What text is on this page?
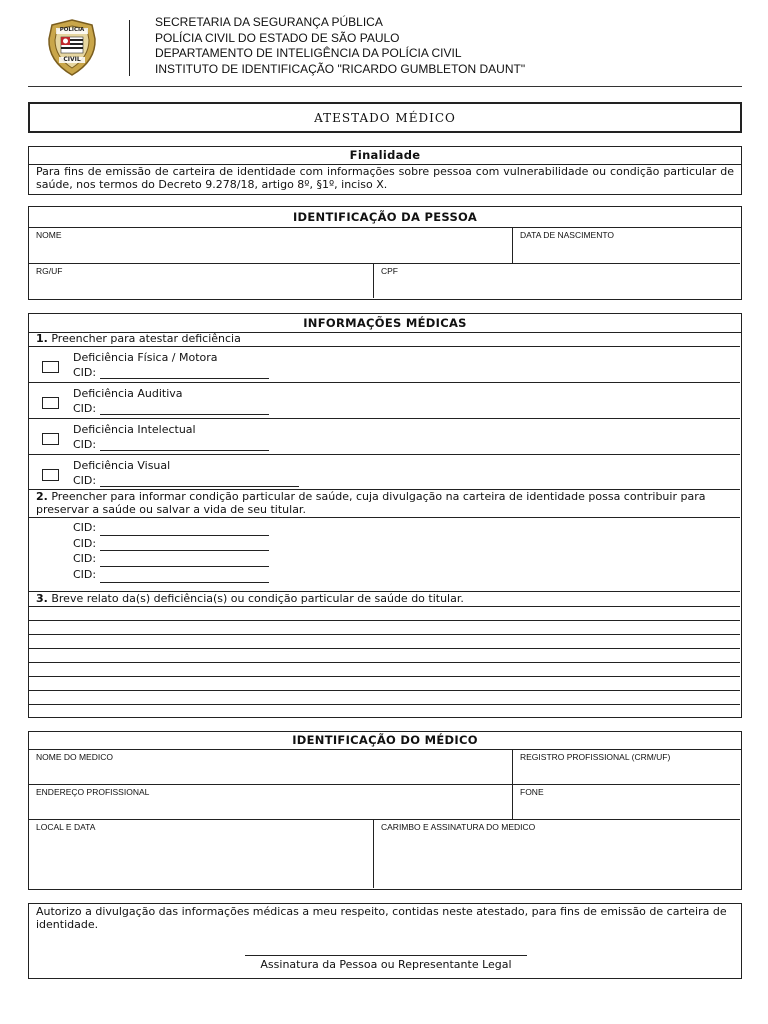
POLÍCIA
CIVIL
SECRETARIA DA SEGURANÇA PÚBLICA
POLÍCIA CIVIL DO ESTADO DE SÃO PAULO
DEPARTAMENTO DE INTELIGÊNCIA DA POLÍCIA CIVIL
INSTITUTO DE IDENTIFICAÇÃO "RICARDO GUMBLETON DAUNT"
ATESTADO MÉDICO
Finalidade
Para fins de emissão de carteira de identidade com informações sobre pessoa com vulnerabilidade ou condição particular de saúde, nos termos do Decreto 9.278/18, artigo 8º, §1º, inciso X.
IDENTIFICAÇÃO DA PESSOA
NOME	DATA DE NASCIMENTO
RG/UF	CPF
INFORMAÇÕES MÉDICAS
1. Preencher para atestar deficiência
Deficiência Física / Motora
CID:
Deficiência Auditiva
CID:
Deficiência Intelectual
CID:
Deficiência Visual
CID:
2. Preencher para informar condição particular de saúde, cuja divulgação na carteira de identidade possa contribuir para preservar a saúde ou salvar a vida de seu titular.
CID:
CID:
CID:
CID:
3. Breve relato da(s) deficiência(s) ou condição particular de saúde do titular.
IDENTIFICAÇÃO DO MÉDICO
NOME DO MEDICO	REGISTRO PROFISSIONAL (CRM/UF)
ENDEREÇO PROFISSIONAL	FONE
LOCAL E DATA	CARIMBO E ASSINATURA DO MEDICO
Autorizo a divulgação das informações médicas a meu respeito, contidas neste atestado, para fins de emissão de carteira de identidade.
Assinatura da Pessoa ou Representante Legal
